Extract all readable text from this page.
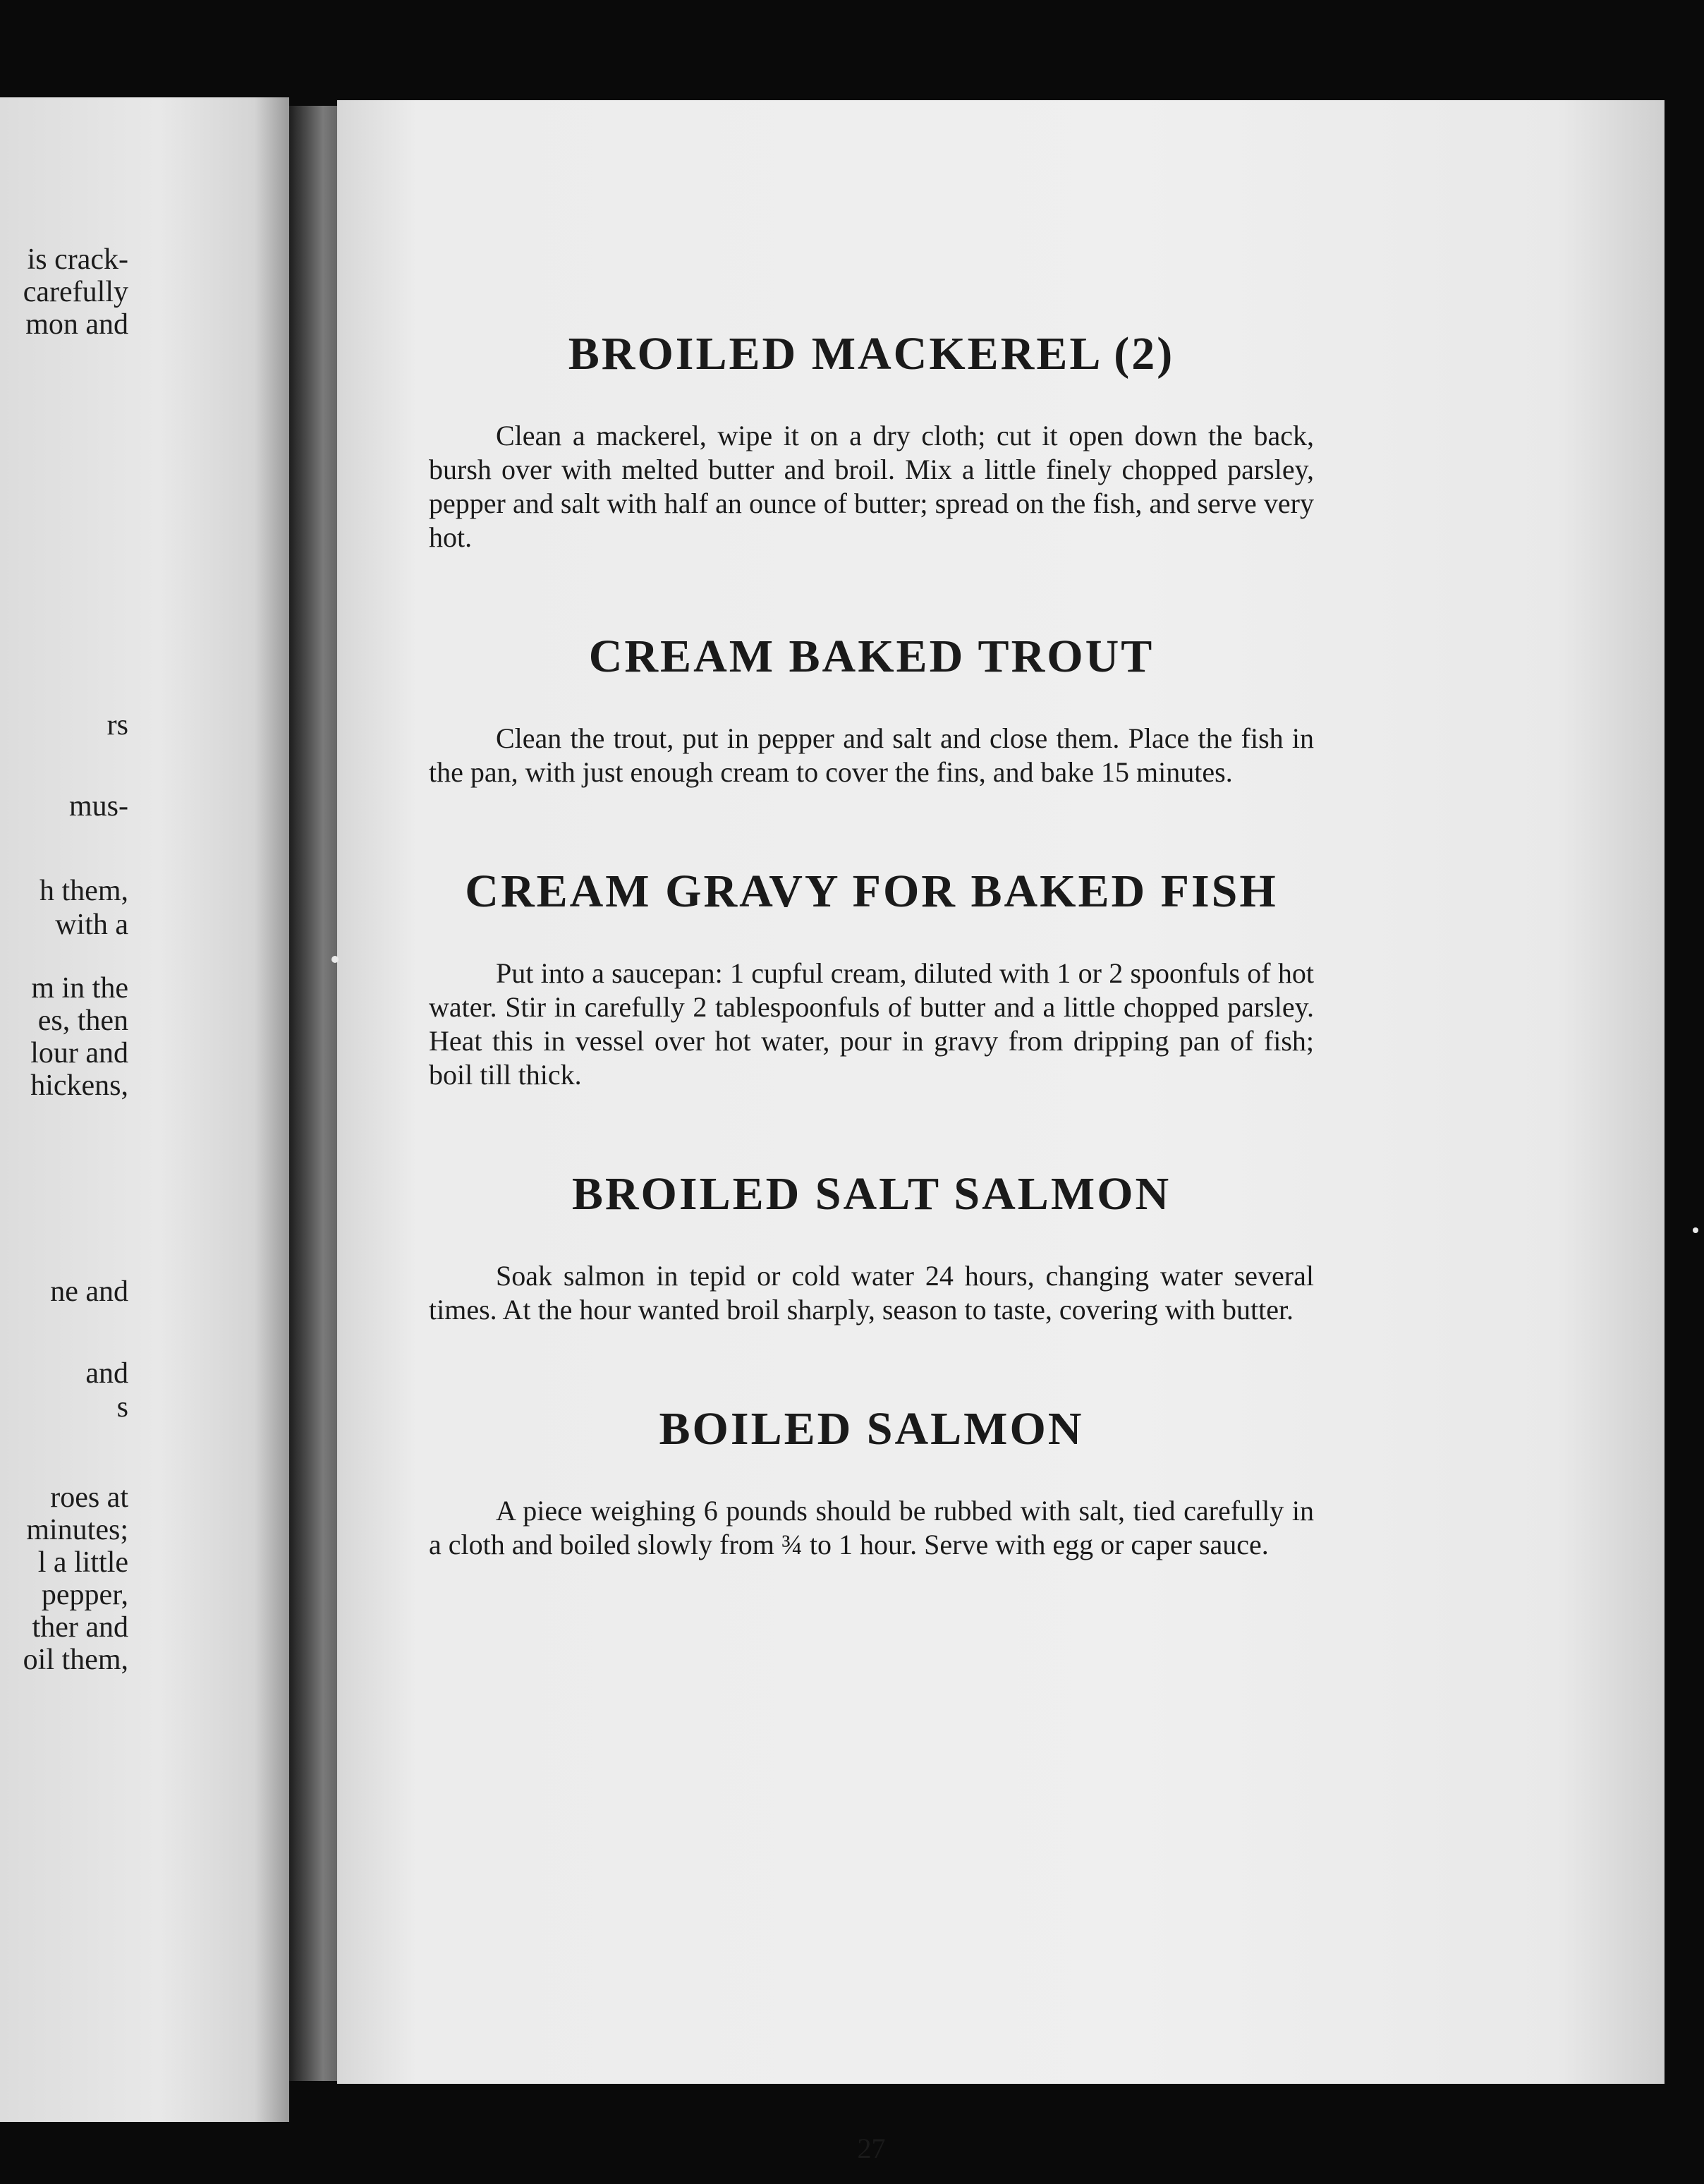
is crack-
carefully
mon and
rs
mus-
h them,
with a
m in the
es, then
lour and
hickens,
ne and
and
s
roes at
minutes;
l a little
pepper,
ther and
oil them,
BROILED MACKEREL (2)

Clean a mackerel, wipe it on a dry cloth; cut it open down the back, bursh over with melted butter and broil. Mix a little finely chopped parsley, pepper and salt with half an ounce of butter; spread on the fish, and serve very hot.

CREAM BAKED TROUT

Clean the trout, put in pepper and salt and close them. Place the fish in the pan, with just enough cream to cover the fins, and bake 15 minutes.

CREAM GRAVY FOR BAKED FISH

Put into a saucepan: 1 cupful cream, diluted with 1 or 2 spoonfuls of hot water. Stir in carefully 2 tablespoonfuls of butter and a little chopped parsley. Heat this in vessel over hot water, pour in gravy from dripping pan of fish; boil till thick.

BROILED SALT SALMON

Soak salmon in tepid or cold water 24 hours, changing water several times. At the hour wanted broil sharply, season to taste, covering with butter.

BOILED SALMON

A piece weighing 6 pounds should be rubbed with salt, tied carefully in a cloth and boiled slowly from ¾ to 1 hour. Serve with egg or caper sauce.

27
